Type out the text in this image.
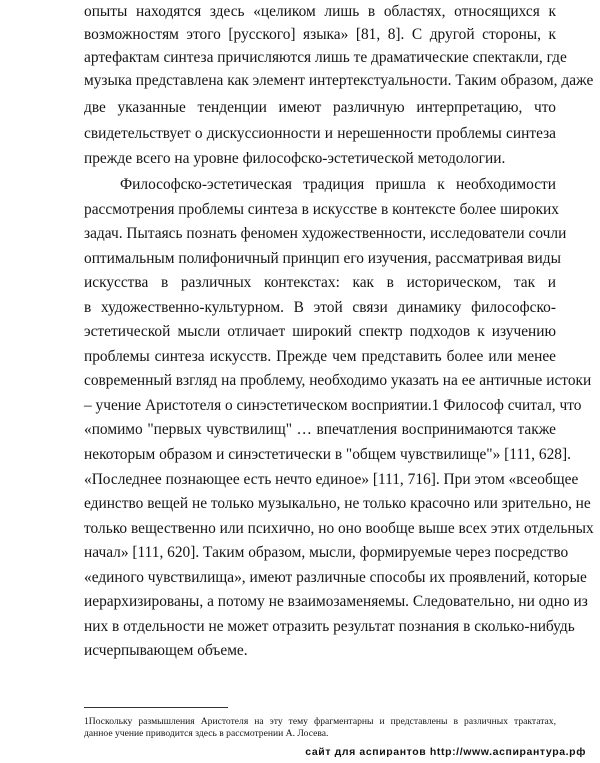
опыты находятся здесь «целиком лишь в областях, относящихся к
возможностям этого [русского] языка» [81, 8]. С другой стороны, к
артефактам синтеза причисляются лишь те драматические спектакли, где
музыка представлена как элемент интертекстуальности. Таким образом, даже
две указанные тенденции имеют различную интерпретацию, что
свидетельствует о дискуссионности и нерешенности проблемы синтеза
прежде всего на уровне философско-эстетической методологии.
Философско-эстетическая традиция пришла к необходимости
рассмотрения проблемы синтеза в искусстве в контексте более широких
задач. Пытаясь познать феномен художественности, исследователи сочли
оптимальным полифоничный принцип его изучения, рассматривая виды
искусства в различных контекстах: как в историческом, так и
в художественно-культурном. В этой связи динамику философско-
эстетической мысли отличает широкий спектр подходов к изучению
проблемы синтеза искусств. Прежде чем представить более или менее
современный взгляд на проблему, необходимо указать на ее античные истоки
– учение Аристотеля о синэстетическом восприятии.1 Философ считал, что
«помимо "первых чувствилищ" … впечатления воспринимаются также
некоторым образом и синэстетически в "общем чувствилище"» [111, 628].
«Последнее познающее есть нечто единое» [111, 716]. При этом «всеобщее
единство вещей не только музыкально, не только красочно или зрительно, не
только вещественно или психично, но оно вообще выше всех этих отдельных
начал» [111, 620]. Таким образом, мысли, формируемые через посредство
«единого чувствилища», имеют различные способы их проявлений, которые
иерархизированы, а потому не взаимозаменяемы. Следовательно, ни одно из
них в отдельности не может отразить результат познания в сколько-нибудь
исчерпывающем объеме.
1Поскольку размышления Аристотеля на эту тему фрагментарны и представлены в различных трактатах,
данное учение приводится здесь в рассмотрении А. Лосева.
сайт для аспирантов http://www.аспирантура.рф
